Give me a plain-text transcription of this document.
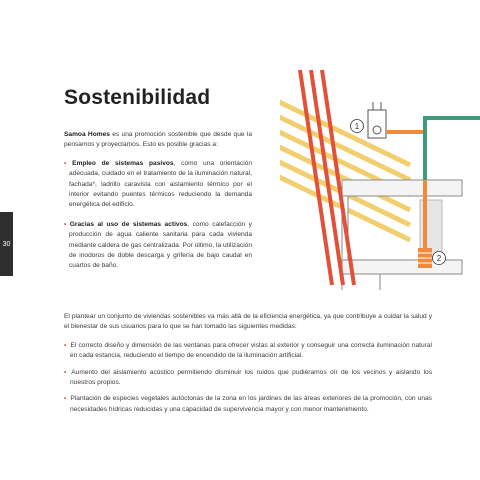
30
Sostenibilidad

Samoa Homes es una promoción sostenible que desde que la pensamos y proyectamos. Esto es posible gracias a:

• Empleo de sistemas pasivos, como una orientación adecuada, cuidado en el tratamiento de la iluminación natural, fachada*, ladrillo caravista con aislamiento térmico por el interior evitando puentes térmicos reduciendo la demanda energética del edificio.
• Gracias al uso de sistemas activos, como calefacción y producción de agua caliente sanitaria para cada vivienda mediante caldera de gas centralizada. Por último, la utilización de inodoros de doble descarga y grifería de bajo caudal en cuartos de baño.
1
2

El plantear un conjunto de viviendas sostenibles va más allá de la eficiencia energética, ya que contribuye a cuidar la salud y el bienestar de sus usuarios para lo que se han tomado las siguientes medidas:

• El correcto diseño y dimensión de las ventanas para ofrecer vistas al exterior y conseguir una correcta iluminación natural en cada estancia, reduciendo el tiempo de encendido de la iluminación artificial.
• Aumento del aislamiento acústico permitiendo disminuir los ruidos que pudiéramos oír de los vecinos y aislando los nuestros propios.
• Plantación de especies vegetales autóctonas de la zona en los jardines de las áreas exteriores de la promoción, con unas necesidades hídricas reducidas y una capacidad de supervivencia mayor y con menor mantenimiento.
